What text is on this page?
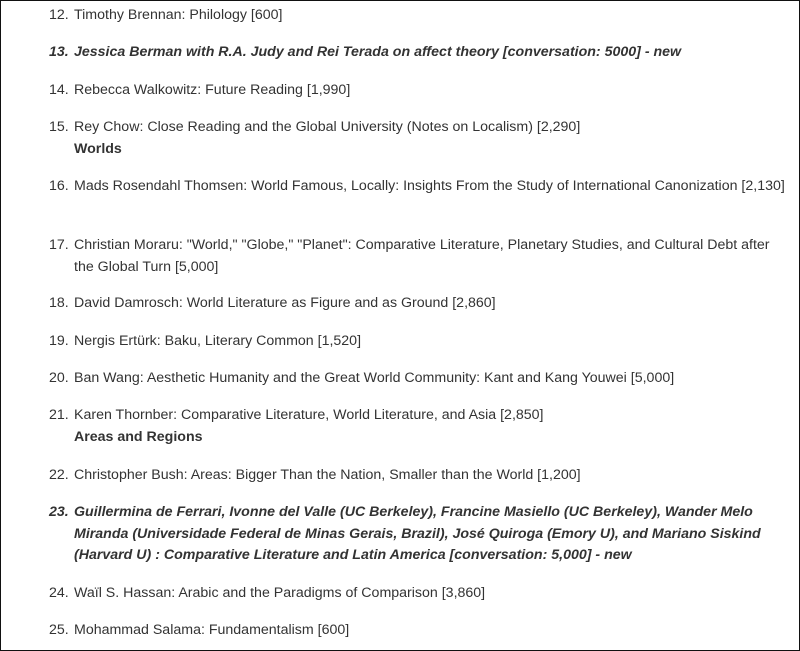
12. Timothy Brennan: Philology [600]
13. Jessica Berman with R.A. Judy and Rei Terada on affect theory [conversation: 5000] - new
14. Rebecca Walkowitz: Future Reading [1,990]
15. Rey Chow: Close Reading and the Global University (Notes on Localism) [2,290]
Worlds
16. Mads Rosendahl Thomsen: World Famous, Locally: Insights From the Study of International Canonization [2,130]
17. Christian Moraru: "World," "Globe," "Planet": Comparative Literature, Planetary Studies, and Cultural Debt after the Global Turn [5,000]
18. David Damrosch: World Literature as Figure and as Ground [2,860]
19. Nergis Ertürk: Baku, Literary Common [1,520]
20. Ban Wang: Aesthetic Humanity and the Great World Community: Kant and Kang Youwei [5,000]
21. Karen Thornber: Comparative Literature, World Literature, and Asia [2,850]
Areas and Regions
22. Christopher Bush: Areas: Bigger Than the Nation, Smaller than the World [1,200]
23. Guillermina de Ferrari, Ivonne del Valle (UC Berkeley), Francine Masiello (UC Berkeley), Wander Melo Miranda (Universidade Federal de Minas Gerais, Brazil), José Quiroga (Emory U), and Mariano Siskind (Harvard U) : Comparative Literature and Latin America [conversation: 5,000] - new
24. Waïl S. Hassan: Arabic and the Paradigms of Comparison [3,860]
25. Mohammad Salama: Fundamentalism [600]
